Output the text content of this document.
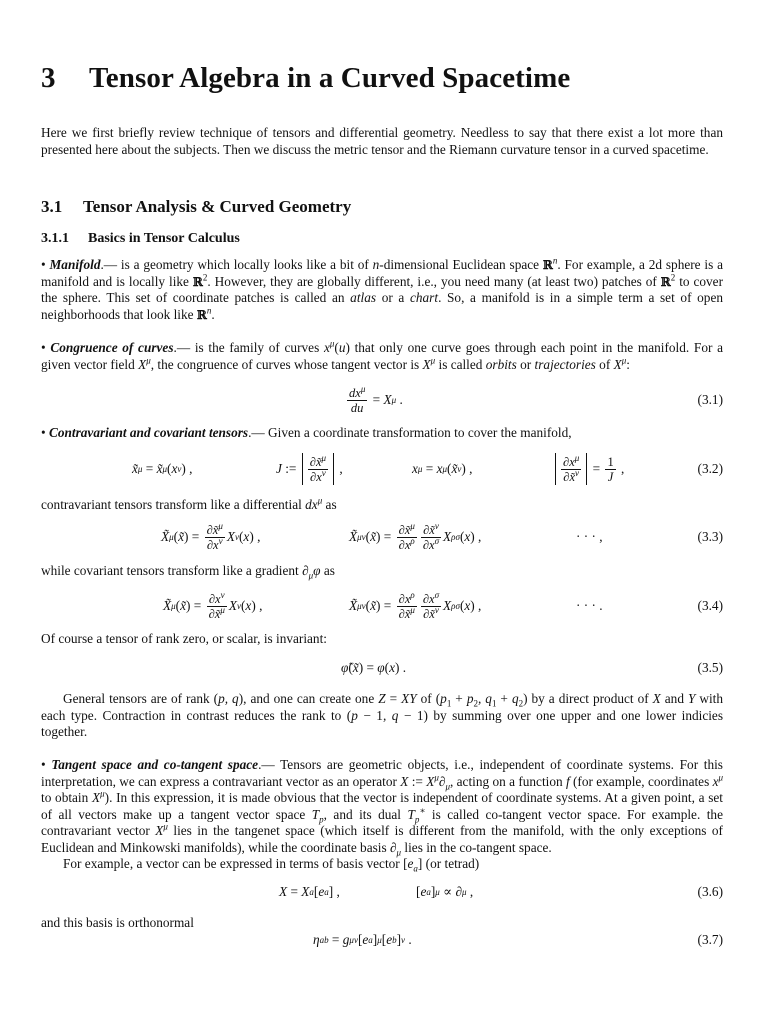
3 Tensor Algebra in a Curved Spacetime

Here we first briefly review technique of tensors and differential geometry. Needless to say that there exist a lot more than presented here about the subjects. Then we discuss the metric tensor and the Riemann curvature tensor in a curved spacetime.

3.1 Tensor Analysis & Curved Geometry
3.1.1 Basics in Tensor Calculus

• Manifold.— is a geometry which locally looks like a bit of n-dimensional Euclidean space ℝ$^n$. For example, a 2d sphere is a manifold and is locally like ℝ$^2$. However, they are globally different, i.e., you need many (at least two) patches of ℝ$^2$ to cover the sphere. This set of coordinate patches is called an atlas or a chart. So, a manifold is in a simple term a set of open neighborhoods that look like ℝ$^n$.

• Congruence of curves.— is the family of curves $x^\mu(u)$ that only one curve goes through each point in the manifold. For a given vector field $X^\mu$, the congruence of curves whose tangent vector is $X^\mu$ is called orbits or trajectories of $X^\mu$:

$\frac{dx^\mu}{du} = X$ μ .	(3.1)

• Contravariant and covariant tensors.— Given a coordinate transformation to cover the manifold,

x̃ μ = x̃ μ ( x ν ) ,	J := $\frac{\partial x̃^\mu}{\partial x^\nu}$ ,	x μ = x μ ( x̃ ν ) ,	$\frac{\partial x^\mu}{\partial x̃^\nu} = \frac{1}{J}$ ,	(3.2)

contravariant tensors transform like a differential $dx^\mu$ as

X̃ μ ( x̃ ) = $\frac{\partial x̃^\mu}{\partial x^\nu}$ X ν ( x ) ,	X̃ μν ( x̃ ) = $\frac{\partial x̃^\mu}{\partial x^\rho} \frac{\partial x̃^\nu}{\partial x^\sigma}$ X ρσ ( x ) ,	· · · ,	(3.3)

while covariant tensors transform like a gradient $\partial_\mu\varphi$ as

X̃ μ ( x̃ ) = $\frac{\partial x^\nu}{\partial x̃^\mu}$ X ν ( x ) ,	X̃ μν ( x̃ ) = $\frac{\partial x^\rho}{\partial x̃^\mu} \frac{\partial x^\sigma}{\partial x̃^\nu}$ X ρσ ( x ) ,	· · · .	(3.4)

Of course a tensor of rank zero, or scalar, is invariant:

φ̃ ( x̃ ) = φ ( x ) .	(3.5)

General tensors are of rank (p, q), and one can create one Z = XY of ($p_1 + p_2$, $q_1 + q_2$) by a direct product of X and Y with each type. Contraction in contrast reduces the rank to (p − 1, q − 1) by summing over one upper and one lower indicies together.

• Tangent space and co-tangent space.— Tensors are geometric objects, i.e., independent of coordinate systems. For this interpretation, we can express a contravariant vector as an operator X := $X^\mu\partial_\mu$, acting on a function f (for example, coordinates $x^\mu$ to obtain $X^\mu$). In this expression, it is made obvious that the vector is independent of coordinate systems. At a given point, a set of all vectors make up a tangent vector space $T_p$, and its dual $T_p^∗$ is called co-tangent vector space. For example. the contravariant vector $X^\mu$ lies in the tangenet space (which itself is different from the manifold, with the only exceptions of Euclidean and Minkowski manifolds), while the coordinate basis $\partial_\mu$ lies in the co-tangent space.

For example, a vector can be expressed in terms of basis vector $[e_a]$ (or tetrad)

X = X a [ e a ] ,	[ e a ] μ ∝ ∂ μ ,	(3.6)

and this basis is orthonormal

η ab = g μν [ e a ] μ [ e b ] ν .	(3.7)
